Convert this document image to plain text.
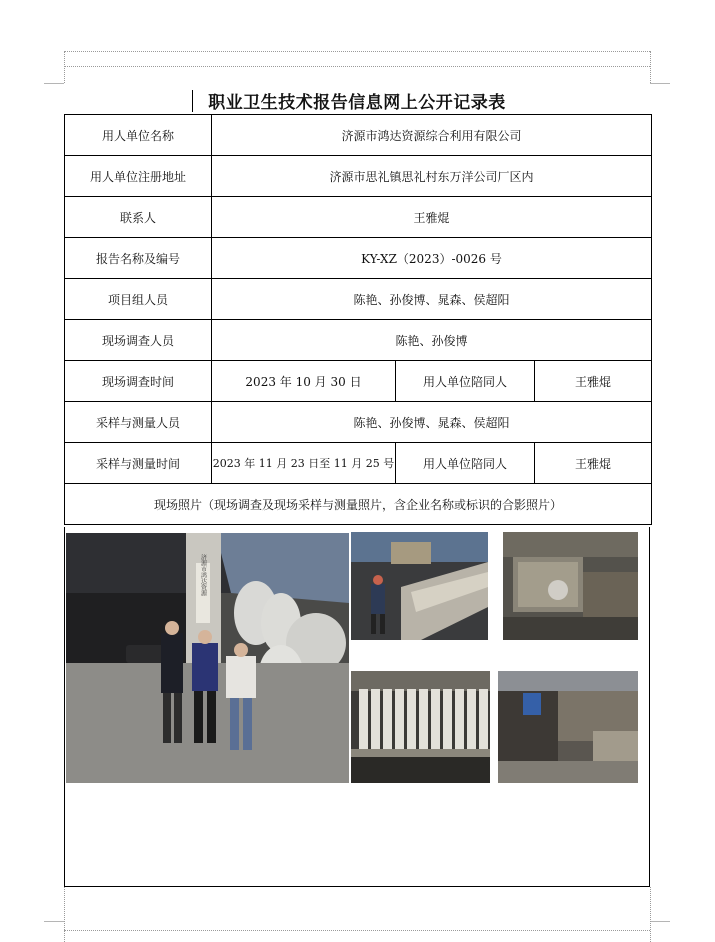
职业卫生技术报告信息网上公开记录表
用人单位名称	济源市鸿达资源综合利用有限公司		
用人单位注册地址	济源市思礼镇思礼村东万洋公司厂区内		
联系人	王雅焜		
报告名称及编号	KY-XZ（2023）-0026 号		
项目组人员	陈艳、孙俊博、晁森、侯超阳		
现场调查人员	陈艳、孙俊博		
现场调查时间	2023 年 10 月 30 日	用人单位陪同人	王雅焜
采样与测量人员	陈艳、孙俊博、晁森、侯超阳		
采样与测量时间	2023 年 11 月 23 日至 11 月 25 号	用人单位陪同人	王雅焜
现场照片（现场调查及现场采样与测量照片，含企业名称或标识的合影照片）			
济源市鸿达资源
